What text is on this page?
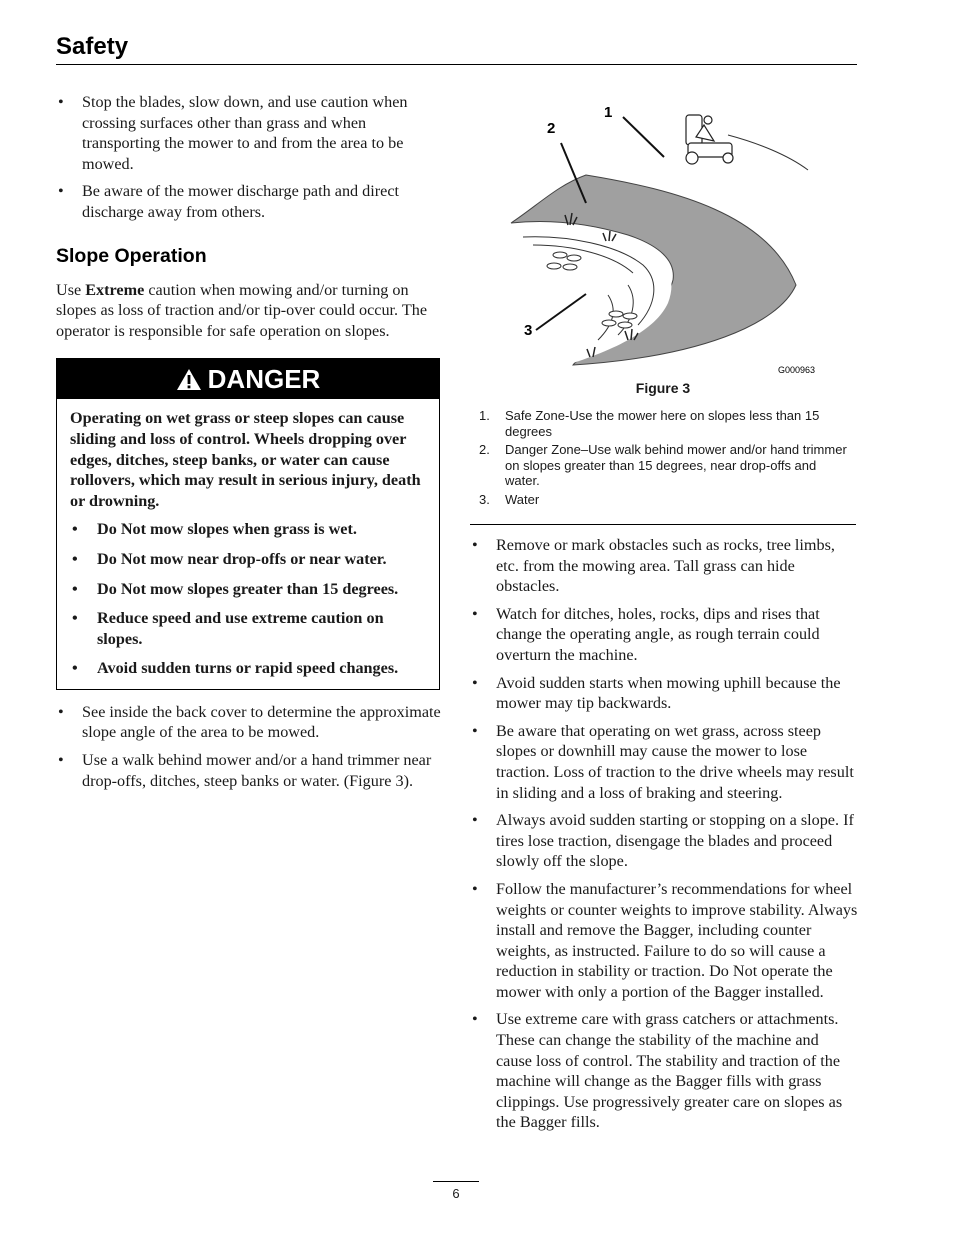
Safety
• Stop the blades, slow down, and use caution when crossing surfaces other than grass and when transporting the mower to and from the area to be mowed.
• Be aware of the mower discharge path and direct discharge away from others.
Slope Operation

Use Extreme caution when mowing and/or turning on slopes as loss of traction and/or tip-over could occur. The operator is responsible for safe operation on slopes.

DANGER

Operating on wet grass or steep slopes can cause sliding and loss of control. Wheels dropping over edges, ditches, steep banks, or water can cause rollovers, which may result in serious injury, death or drowning.

• Do Not mow slopes when grass is wet.
• Do Not mow near drop-offs or near water.
• Do Not mow slopes greater than 15 degrees.
• Reduce speed and use extreme caution on slopes.
• Avoid sudden turns or rapid speed changes.
• See inside the back cover to determine the approximate slope angle of the area to be mowed.
• Use a walk behind mower and/or a hand trimmer near drop-offs, ditches, steep banks or water. (Figure 3).
1
2
3
G000963
Figure 3
1.	Safe Zone-Use the mower here on slopes less than 15 degrees
2.	Danger Zone–Use walk behind mower and/or hand trimmer on slopes greater than 15 degrees, near drop-offs and water.
3.	Water
• Remove or mark obstacles such as rocks, tree limbs, etc. from the mowing area. Tall grass can hide obstacles.
• Watch for ditches, holes, rocks, dips and rises that change the operating angle, as rough terrain could overturn the machine.
• Avoid sudden starts when mowing uphill because the mower may tip backwards.
• Be aware that operating on wet grass, across steep slopes or downhill may cause the mower to lose traction. Loss of traction to the drive wheels may result in sliding and a loss of braking and steering.
• Always avoid sudden starting or stopping on a slope. If tires lose traction, disengage the blades and proceed slowly off the slope.
• Follow the manufacturer’s recommendations for wheel weights or counter weights to improve stability. Always install and remove the Bagger, including counter weights, as instructed. Failure to do so will cause a reduction in stability or traction. Do Not operate the mower with only a portion of the Bagger installed.
• Use extreme care with grass catchers or attachments. These can change the stability of the machine and cause loss of control. The stability and traction of the machine will change as the Bagger fills with grass clippings. Use progressively greater care on slopes as the Bagger fills.
6
